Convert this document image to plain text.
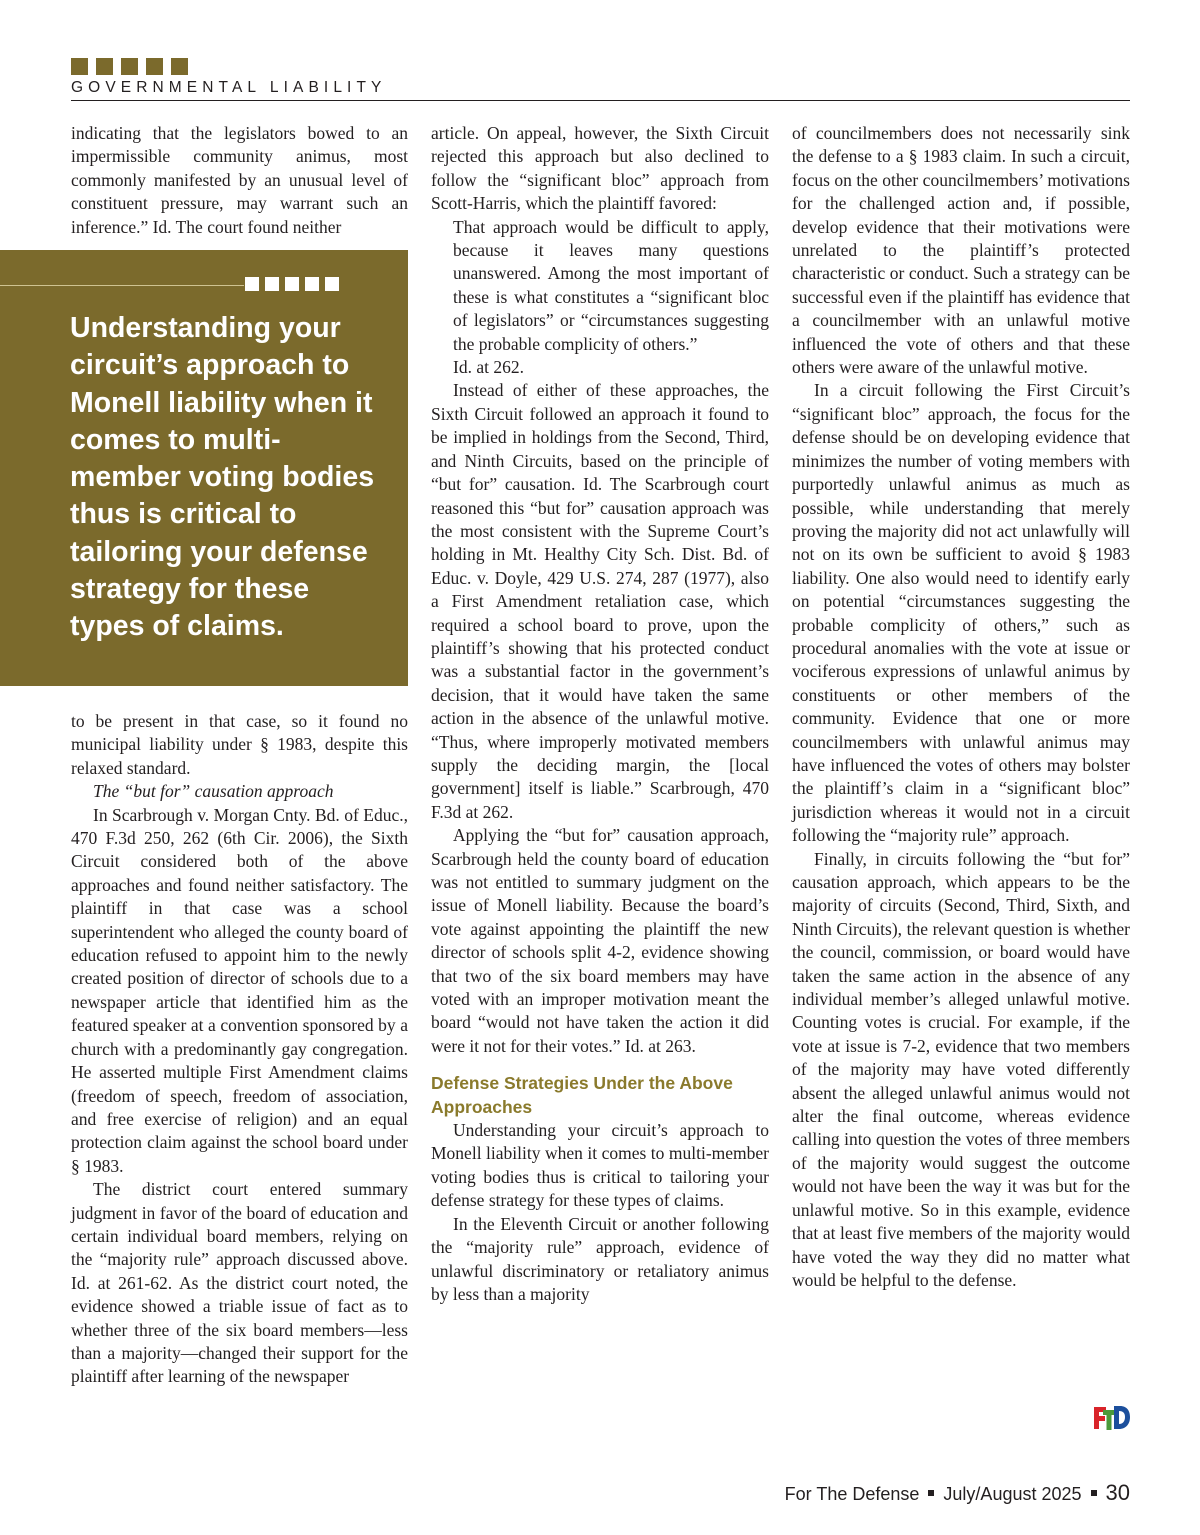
GOVERNMENTAL LIABILITY

indicating that the legislators bowed to an impermissible community animus, most commonly manifested by an unusual level of constituent pressure, may warrant such an inference.” Id. The court found neither

Understanding your circuit’s approach to Monell liability when it comes to multi-member voting bodies thus is critical to tailoring your defense strategy for these types of claims.

to be present in that case, so it found no municipal liability under § 1983, despite this relaxed standard.

The “but for” causation approach

In Scarbrough v. Morgan Cnty. Bd. of Educ., 470 F.3d 250, 262 (6th Cir. 2006), the Sixth Circuit considered both of the above approaches and found neither satisfactory. The plaintiff in that case was a school superintendent who alleged the county board of education refused to appoint him to the newly created position of director of schools due to a newspaper article that identified him as the featured speaker at a convention sponsored by a church with a predominantly gay congregation. He asserted multiple First Amendment claims (freedom of speech, freedom of association, and free exercise of religion) and an equal protection claim against the school board under § 1983.

The district court entered summary judgment in favor of the board of education and certain individual board members, relying on the “majority rule” approach discussed above. Id. at 261-62. As the district court noted, the evidence showed a triable issue of fact as to whether three of the six board members—less than a majority—changed their support for the plaintiff after learning of the newspaper

article. On appeal, however, the Sixth Circuit rejected this approach but also declined to follow the “significant bloc” approach from Scott-Harris, which the plaintiff favored:

That approach would be difficult to apply, because it leaves many questions unanswered. Among the most important of these is what constitutes a “significant bloc of legislators” or “circumstances suggesting the probable complicity of others.”

Id. at 262.

Instead of either of these approaches, the Sixth Circuit followed an approach it found to be implied in holdings from the Second, Third, and Ninth Circuits, based on the principle of “but for” causation. Id. The Scarbrough court reasoned this “but for” causation approach was the most consistent with the Supreme Court’s holding in Mt. Healthy City Sch. Dist. Bd. of Educ. v. Doyle, 429 U.S. 274, 287 (1977), also a First Amendment retaliation case, which required a school board to prove, upon the plaintiff’s showing that his protected conduct was a substantial factor in the government’s decision, that it would have taken the same action in the absence of the unlawful motive. “Thus, where improperly motivated members supply the deciding margin, the [local government] itself is liable.” Scarbrough, 470 F.3d at 262.

Applying the “but for” causation approach, Scarbrough held the county board of education was not entitled to summary judgment on the issue of Monell liability. Because the board’s vote against appointing the plaintiff the new director of schools split 4-2, evidence showing that two of the six board members may have voted with an improper motivation meant the board “would not have taken the action it did were it not for their votes.” Id. at 263.

Defense Strategies Under the Above Approaches

Understanding your circuit’s approach to Monell liability when it comes to multi-member voting bodies thus is critical to tailoring your defense strategy for these types of claims.

In the Eleventh Circuit or another following the “majority rule” approach, evidence of unlawful discriminatory or retaliatory animus by less than a majority

of councilmembers does not necessarily sink the defense to a § 1983 claim. In such a circuit, focus on the other councilmembers’ motivations for the challenged action and, if possible, develop evidence that their motivations were unrelated to the plaintiff’s protected characteristic or conduct. Such a strategy can be successful even if the plaintiff has evidence that a councilmember with an unlawful motive influenced the vote of others and that these others were aware of the unlawful motive.

In a circuit following the First Circuit’s “significant bloc” approach, the focus for the defense should be on developing evidence that minimizes the number of voting members with purportedly unlawful animus as much as possible, while understanding that merely proving the majority did not act unlawfully will not on its own be sufficient to avoid § 1983 liability. One also would need to identify early on potential “circumstances suggesting the probable complicity of others,” such as procedural anomalies with the vote at issue or vociferous expressions of unlawful animus by constituents or other members of the community. Evidence that one or more councilmembers with unlawful animus may have influenced the votes of others may bolster the plaintiff’s claim in a “significant bloc” jurisdiction whereas it would not in a circuit following the “majority rule” approach.

Finally, in circuits following the “but for” causation approach, which appears to be the majority of circuits (Second, Third, Sixth, and Ninth Circuits), the relevant question is whether the council, commission, or board would have taken the same action in the absence of any individual member’s alleged unlawful motive. Counting votes is crucial. For example, if the vote at issue is 7-2, evidence that two members of the majority may have voted differently absent the alleged unlawful animus would not alter the final outcome, whereas evidence calling into question the votes of three members of the majority would suggest the outcome would not have been the way it was but for the unlawful motive. So in this example, evidence that at least five members of the majority would have voted the way they did no matter what would be helpful to the defense.

For The Defense July/August 2025 30
